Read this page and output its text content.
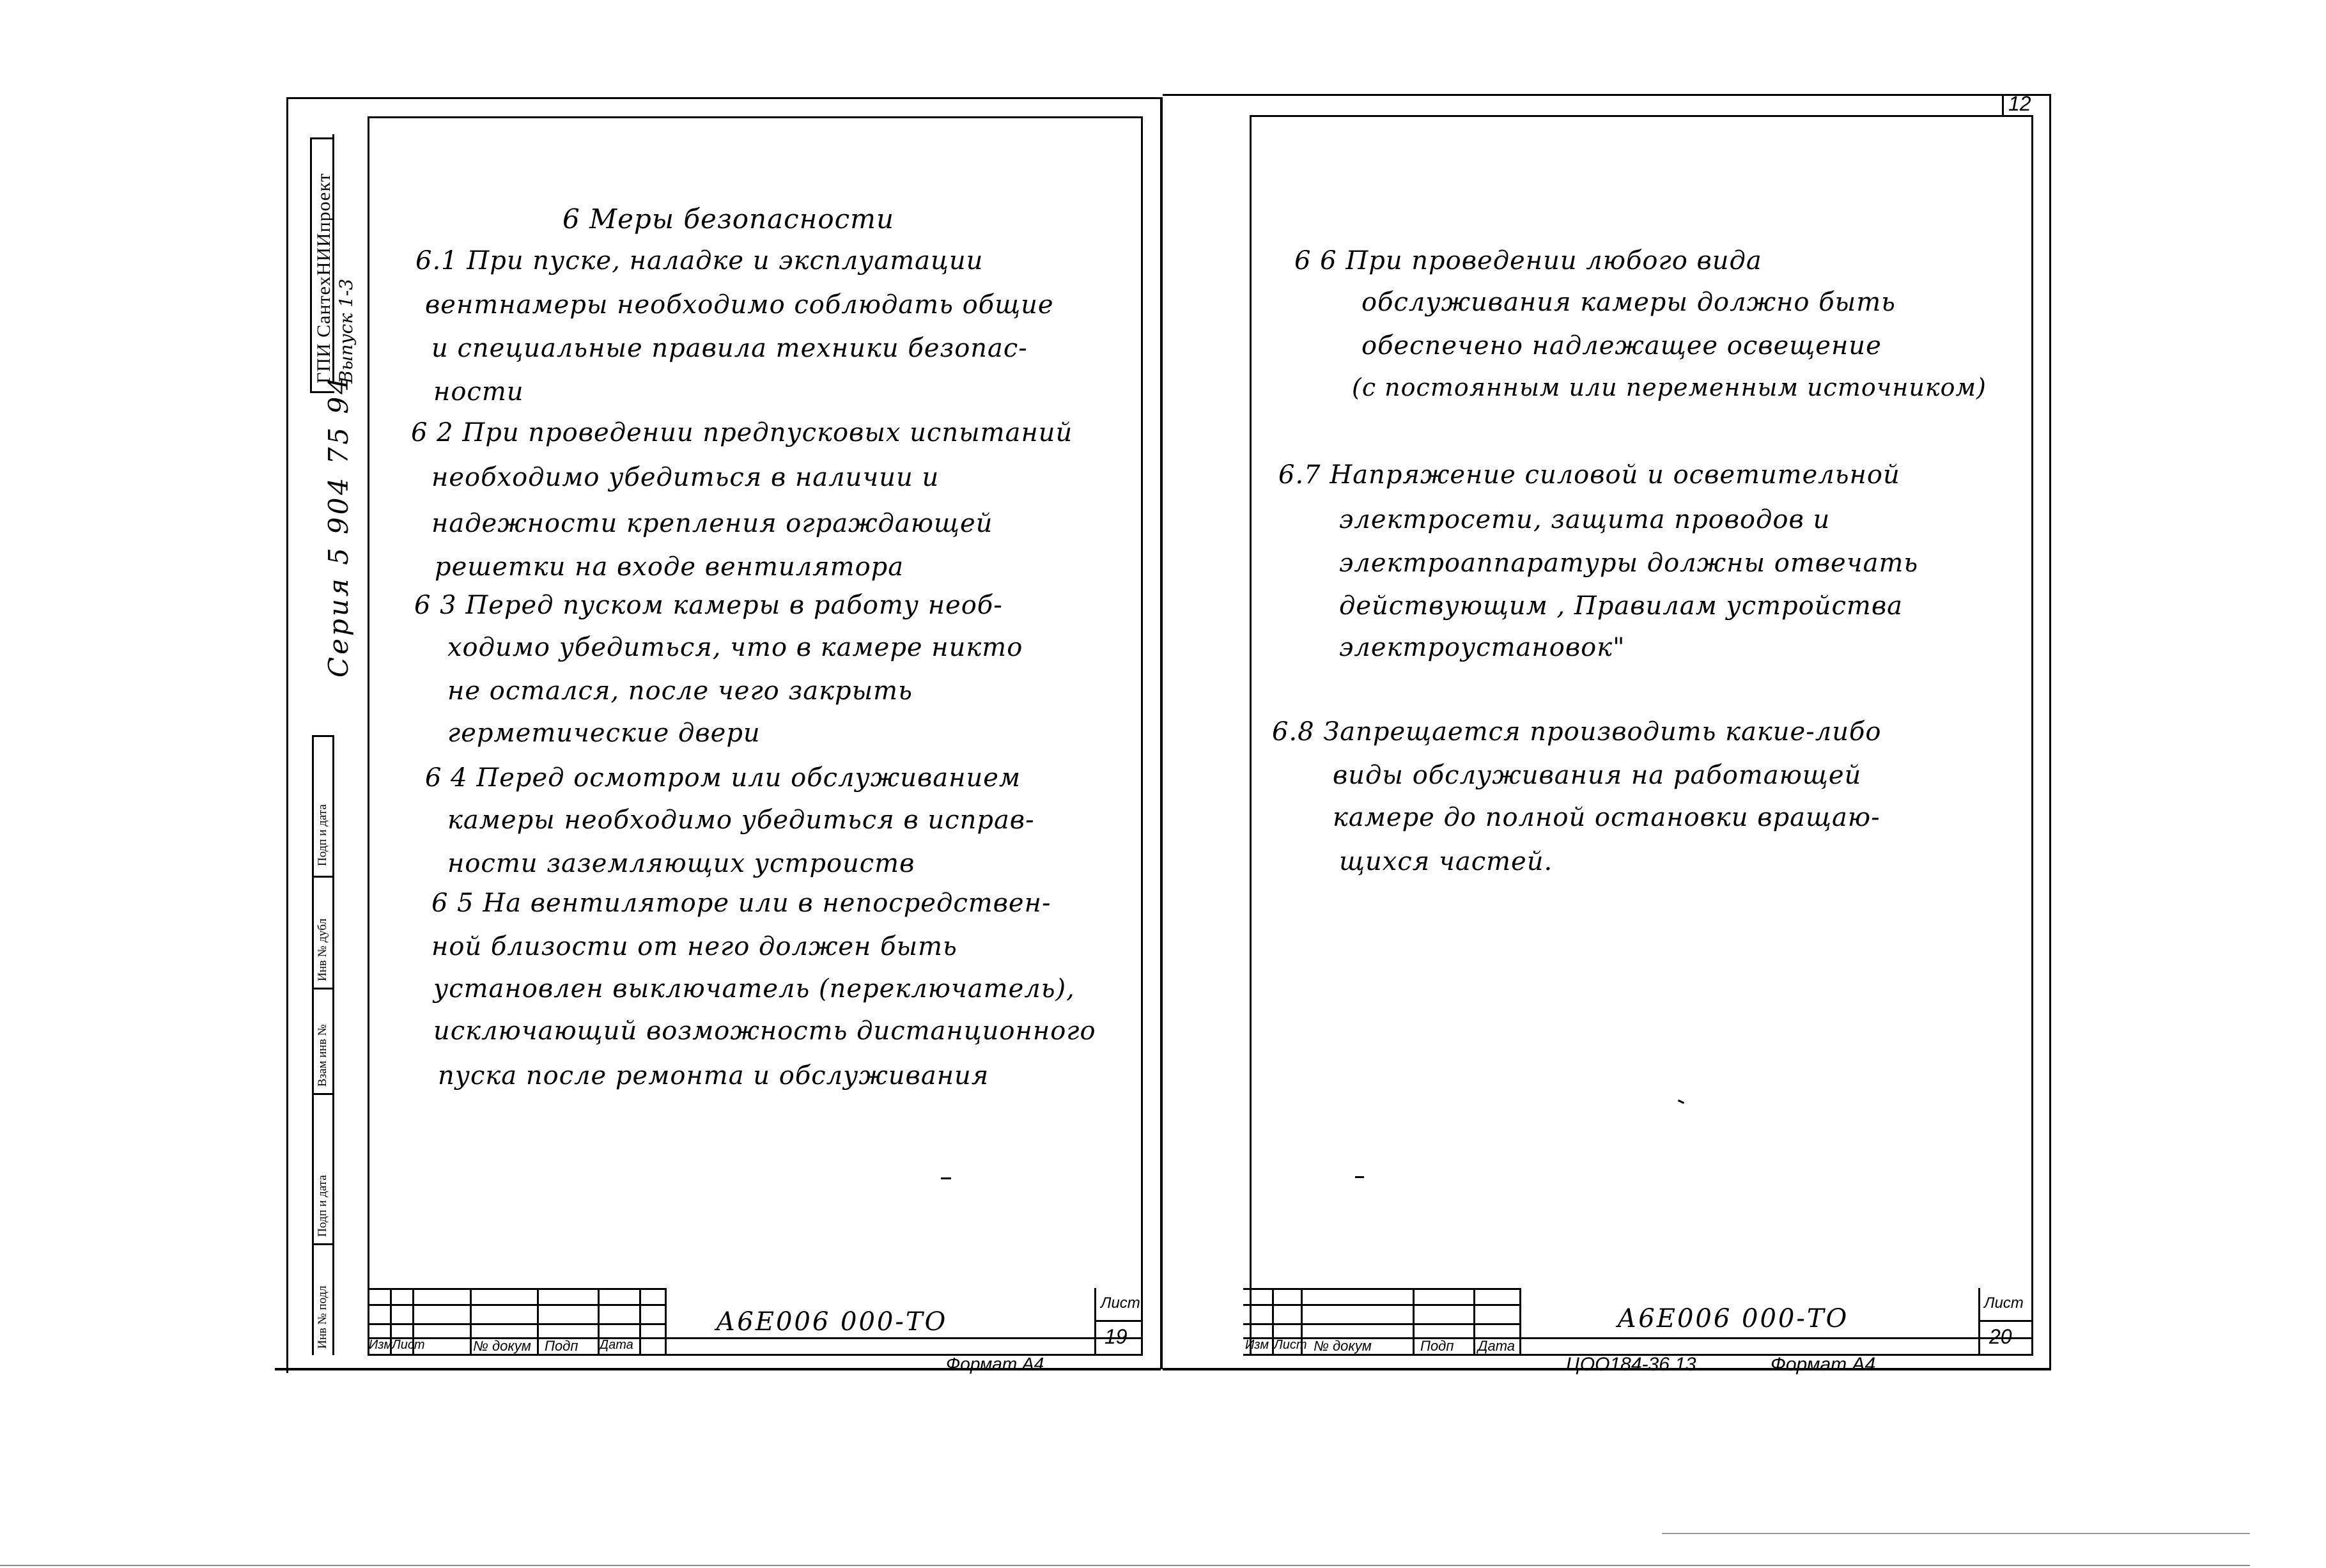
Серия 5 904 75 94
ГПИ СантехНИИпроект Выпуск 1-3
Подп и дата
Инв № дубл
Взам инв №
Подп и дата
Инв № подл
6 Меры безопасности
6.1 При пуске, наладке и эксплуатации
вентнамеры необходимо соблюдать общие
и специальные правила техники безопас-
ности
6 2 При проведении предпусковых испытаний
необходимо убедиться в наличии и
надежности крепления ограждающей
решетки на входе вентилятора
6 3 Перед пуском камеры в работу необ-
ходимо убедиться, что в камере никто
не остался, после чего закрыть
герметические двери
6 4 Перед осмотром или обслуживанием
камеры необходимо убедиться в исправ-
ности заземляющих устроиств
6 5 На вентиляторе или в непосредствен-
ной близости от него должен быть
установлен выключатель (переключатель),
исключающий возможность дистанционного
пуска после ремонта и обслуживания
Изм
Лист	№ докум Подп Дата
А6Е006 000-ТО
Лист
19
Формат А4
12
6 6 При проведении любого вида
обслуживания камеры должно быть
обеспечено надлежащее освещение
(с постоянным или переменным источником)
6.7 Напряжение силовой и осветительной
электросети, защита проводов и
электроаппаратуры должны отвечать
действующим , Правилам устройства
электроустановок"
6.8 Запрещается производить какие-либо
виды обслуживания на работающей
камере до полной остановки вращаю-
щихся частей.
Изм Лист № докум	Подп Дата
А6Е006 000-ТО
Лист
20
ЦОО184-36 13	Формат А4
